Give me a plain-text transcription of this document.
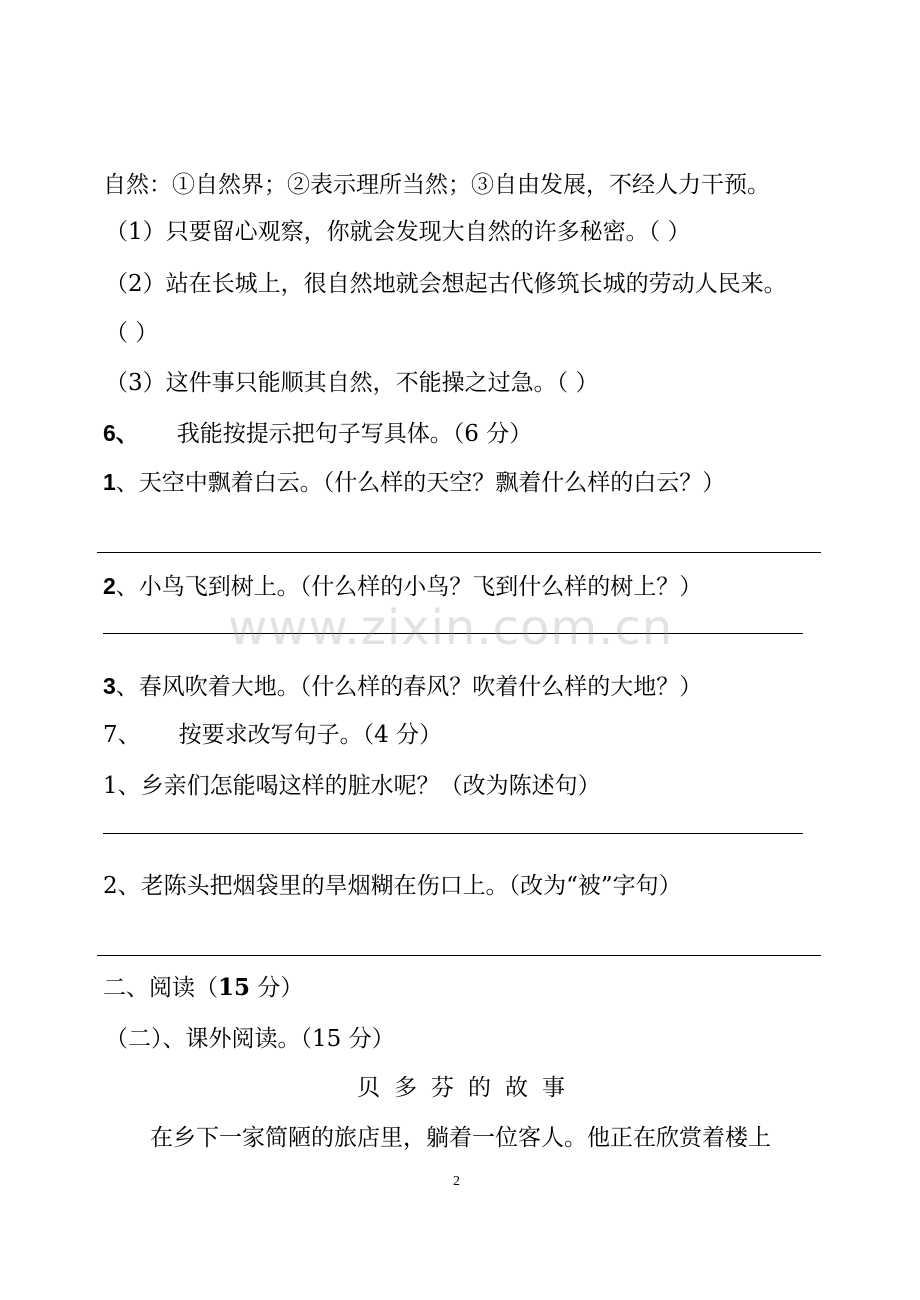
自然：①自然界；②表示理所当然；③自由发展，不经人力干预。
（1）只要留心观察，你就会发现大自然的许多秘密。（ ）
（2）站在长城上，很自然地就会想起古代修筑长城的劳动人民来。
（ ）
（3）这件事只能顺其自然，不能操之过急。（ ）
6、 我能按提示把句子写具体。（6 分）
1、天空中飘着白云。（什么样的天空？飘着什么样的白云？）
2、小鸟飞到树上。（什么样的小鸟？飞到什么样的树上？）
3、春风吹着大地。（什么样的春风？吹着什么样的大地？）
7、 按要求改写句子。（4 分）
1、乡亲们怎能喝这样的脏水呢？（改为陈述句）
2、老陈头把烟袋里的旱烟糊在伤口上。（改为“被”字句）
二、阅读（15 分）
（二）、课外阅读。（15 分）
贝多芬的故事
在乡下一家简陋的旅店里，躺着一位客人。他正在欣赏着楼上
www.zixin.com.cn
2
